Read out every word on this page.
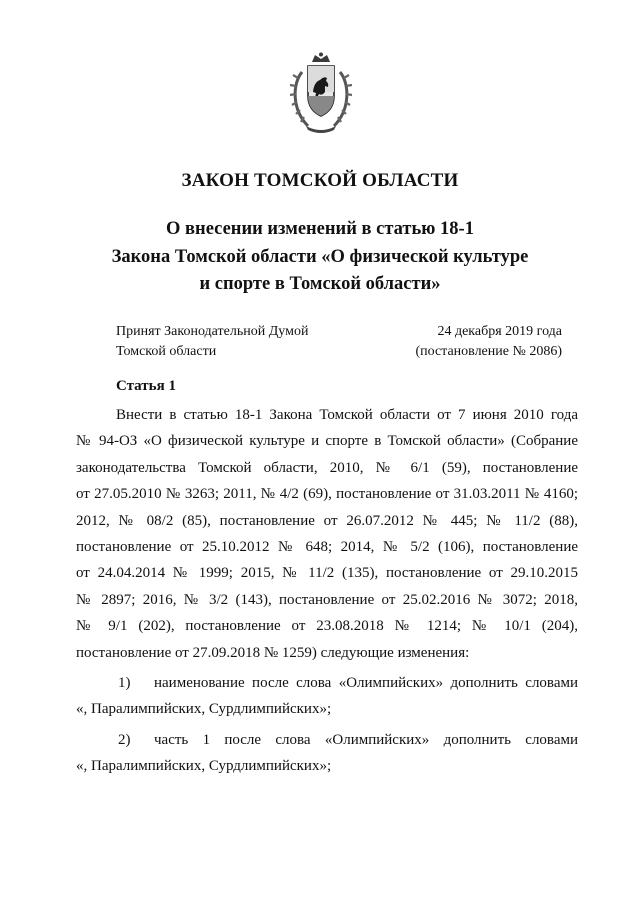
ЗАКОН ТОМСКОЙ ОБЛАСТИ
О внесении изменений в статью 18-1
Закона Томской области «О физической культуре
и спорте в Томской области»
Принят Законодательной Думой
Томской области
24 декабря 2019 года
(постановление № 2086)
Статья 1
Внести в статью 18-1 Закона Томской области от 7 июня 2010 года
№ 94-ОЗ «О физической культуре и спорте в Томской области» (Собрание
законодательства Томской области, 2010, № 6/1 (59), постановление
от 27.05.2010 № 3263; 2011, № 4/2 (69), постановление от 31.03.2011 № 4160;
2012, № 08/2 (85), постановление от 26.07.2012 № 445; № 11/2 (88),
постановление от 25.10.2012 № 648; 2014, № 5/2 (106), постановление
от 24.04.2014 № 1999; 2015, № 11/2 (135), постановление от 29.10.2015
№ 2897; 2016, № 3/2 (143), постановление от 25.02.2016 № 3072; 2018,
№ 9/1 (202), постановление от 23.08.2018 № 1214; № 10/1 (204),
постановление от 27.09.2018 № 1259) следующие изменения:
1) наименование после слова «Олимпийских» дополнить словами
«, Паралимпийских, Сурдлимпийских»;
2) часть 1 после слова «Олимпийских» дополнить словами
«, Паралимпийских, Сурдлимпийских»;
